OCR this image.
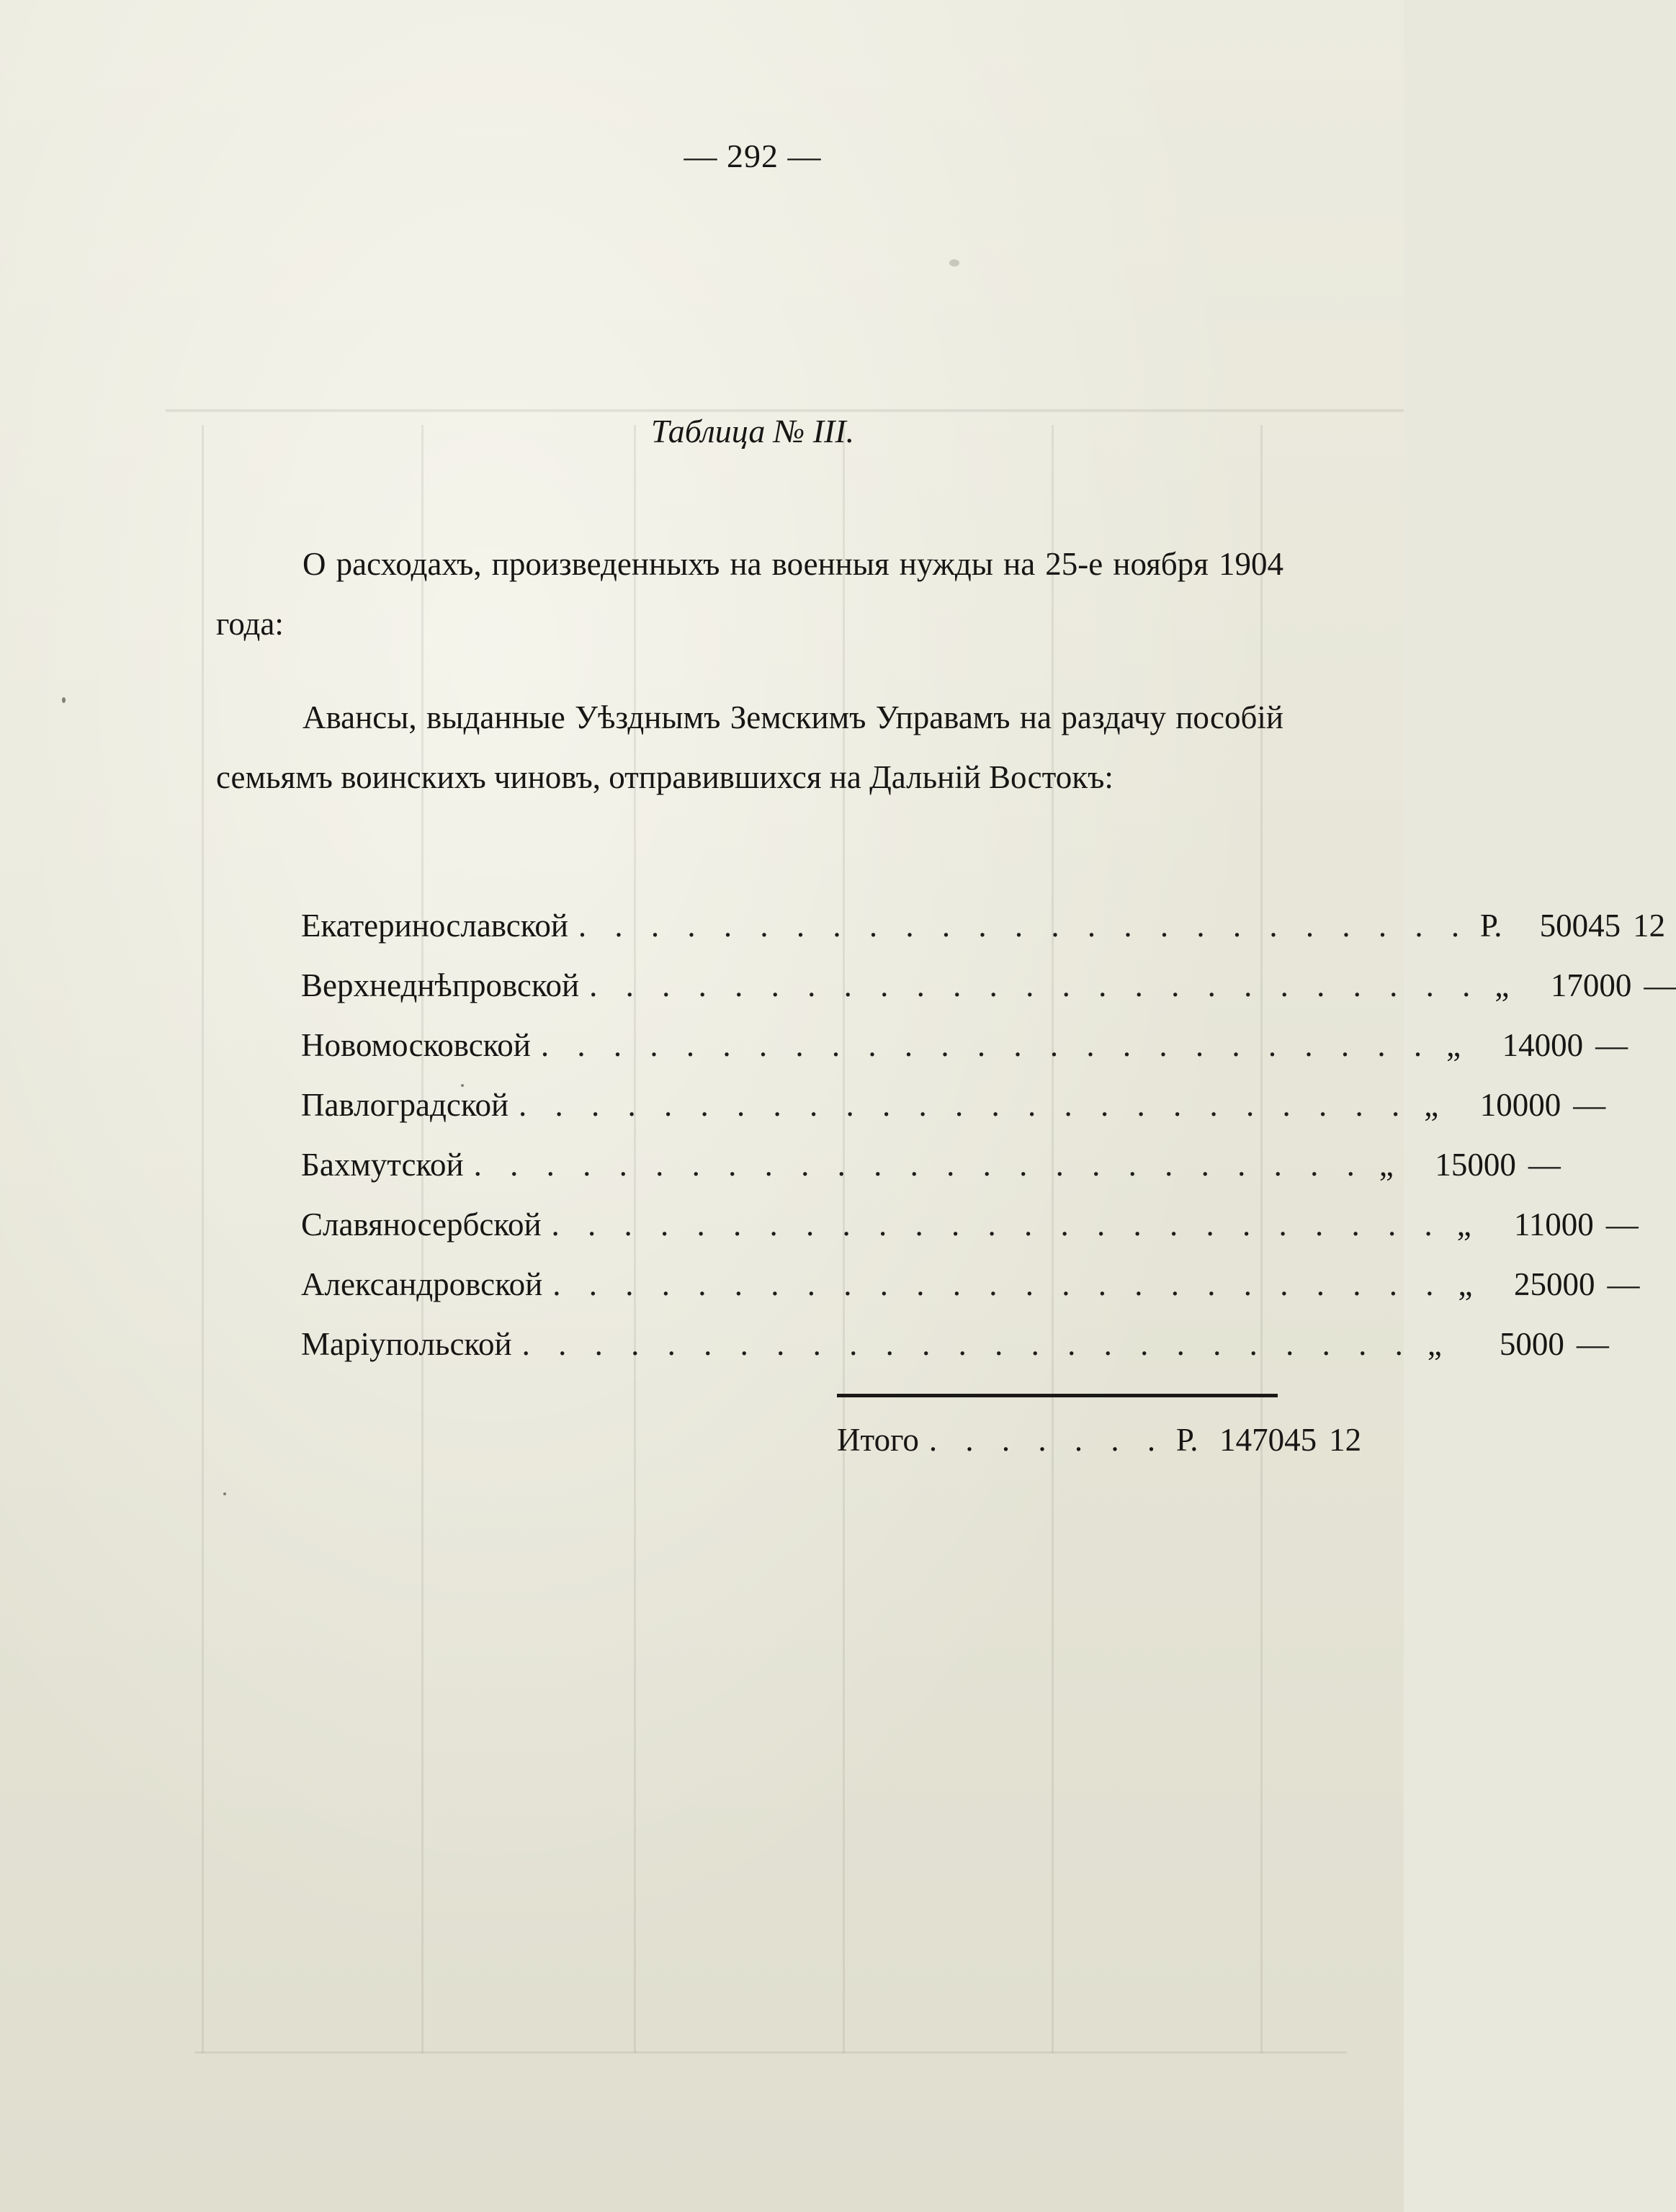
— 292 —
Таблица № III.
О расходахъ, произведенныхъ на военныя нужды на 25-е ноября 1904 года:
Авансы, выданные Уѣзднымъ Земскимъ Управамъ на раздачу пособій семьямъ воинскихъ чиновъ, отправившихся на Дальній Востокъ:
Екатеринославской . . . . . . . . . . . . . . . . . . . . . . . . . Р.	50045 12
Верхнеднѣпровской . . . . . . . . . . . . . . . . . . . . . . . . . „	17000 —
Новомосковской . . . . . . . . . . . . . . . . . . . . . . . . . „	14000 —
Павлоградской . . . . . . . . . . . . . . . . . . . . . . . . . „	10000 —
Бахмутской . . . . . . . . . . . . . . . . . . . . . . . . . „	15000 —
Славяносербской . . . . . . . . . . . . . . . . . . . . . . . . . „	11000 —
Александровской . . . . . . . . . . . . . . . . . . . . . . . . . „	25000 —
Маріупольской . . . . . . . . . . . . . . . . . . . . . . . . . „	5000 —
Итого . . . . . . . Р. 147045 12
